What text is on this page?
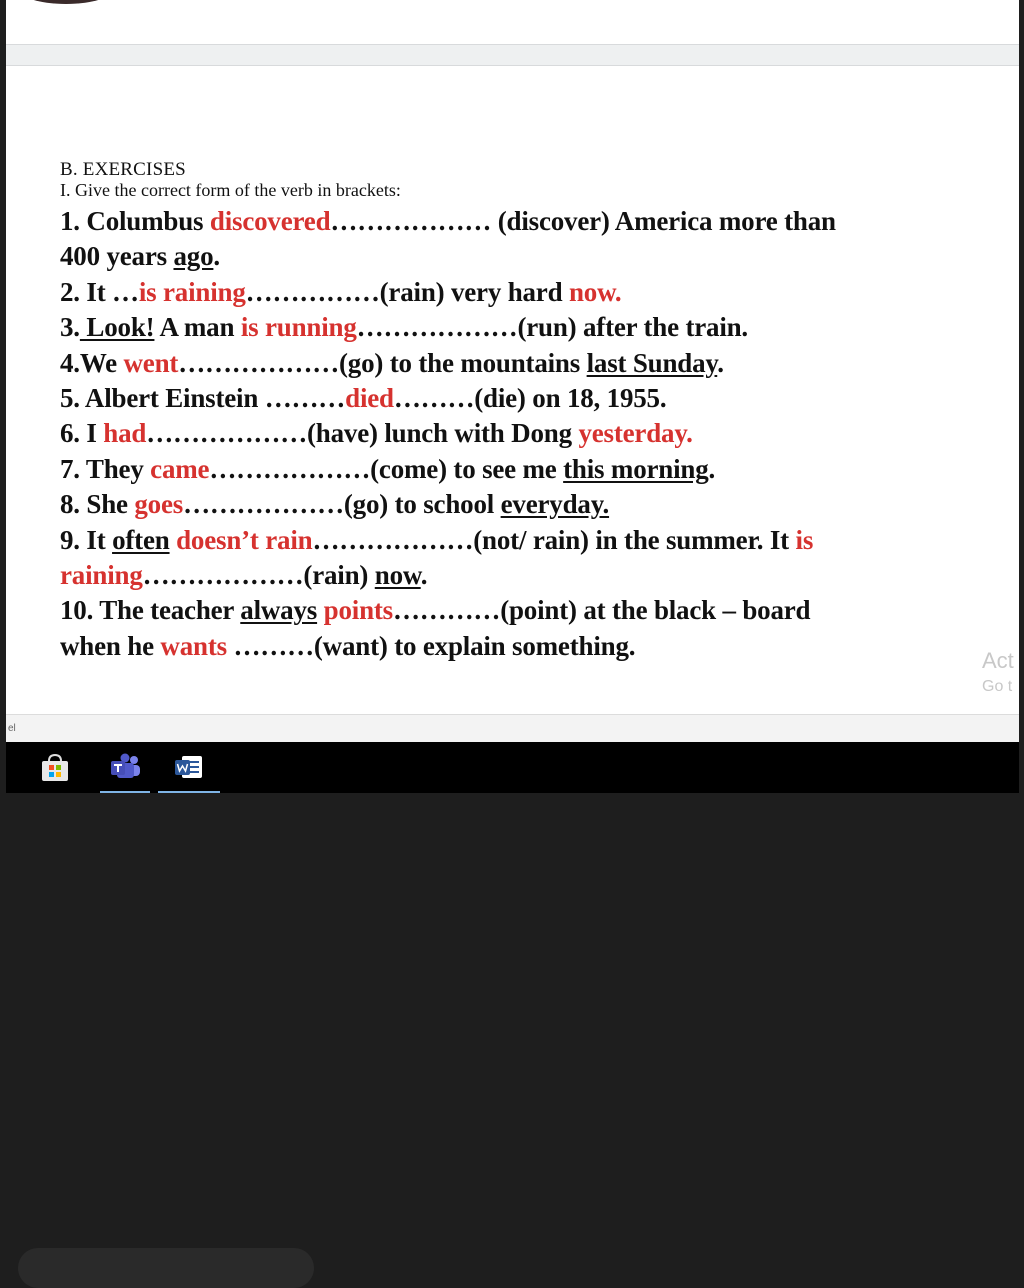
B. EXERCISES
I. Give the correct form of the verb in brackets:
1. Columbus discovered……………… (discover) America more than
400 years ago.
2. It …is raining……………(rain) very hard now.
3. Look! A man is running………………(run) after the train.
4.We went………………(go) to the mountains last Sunday.
5. Albert Einstein ………died………(die) on 18, 1955.
6. I had………………(have) lunch with Dong yesterday.
7. They came………………(come) to see me this morning.
8. She goes………………(go) to school everyday.
9. It often doesn’t rain………………(not/ rain) in the summer. It is
raining………………(rain) now.
10. The teacher always points…………(point) at the black – board
when he wants ………(want) to explain something.	Act
Go t
el
